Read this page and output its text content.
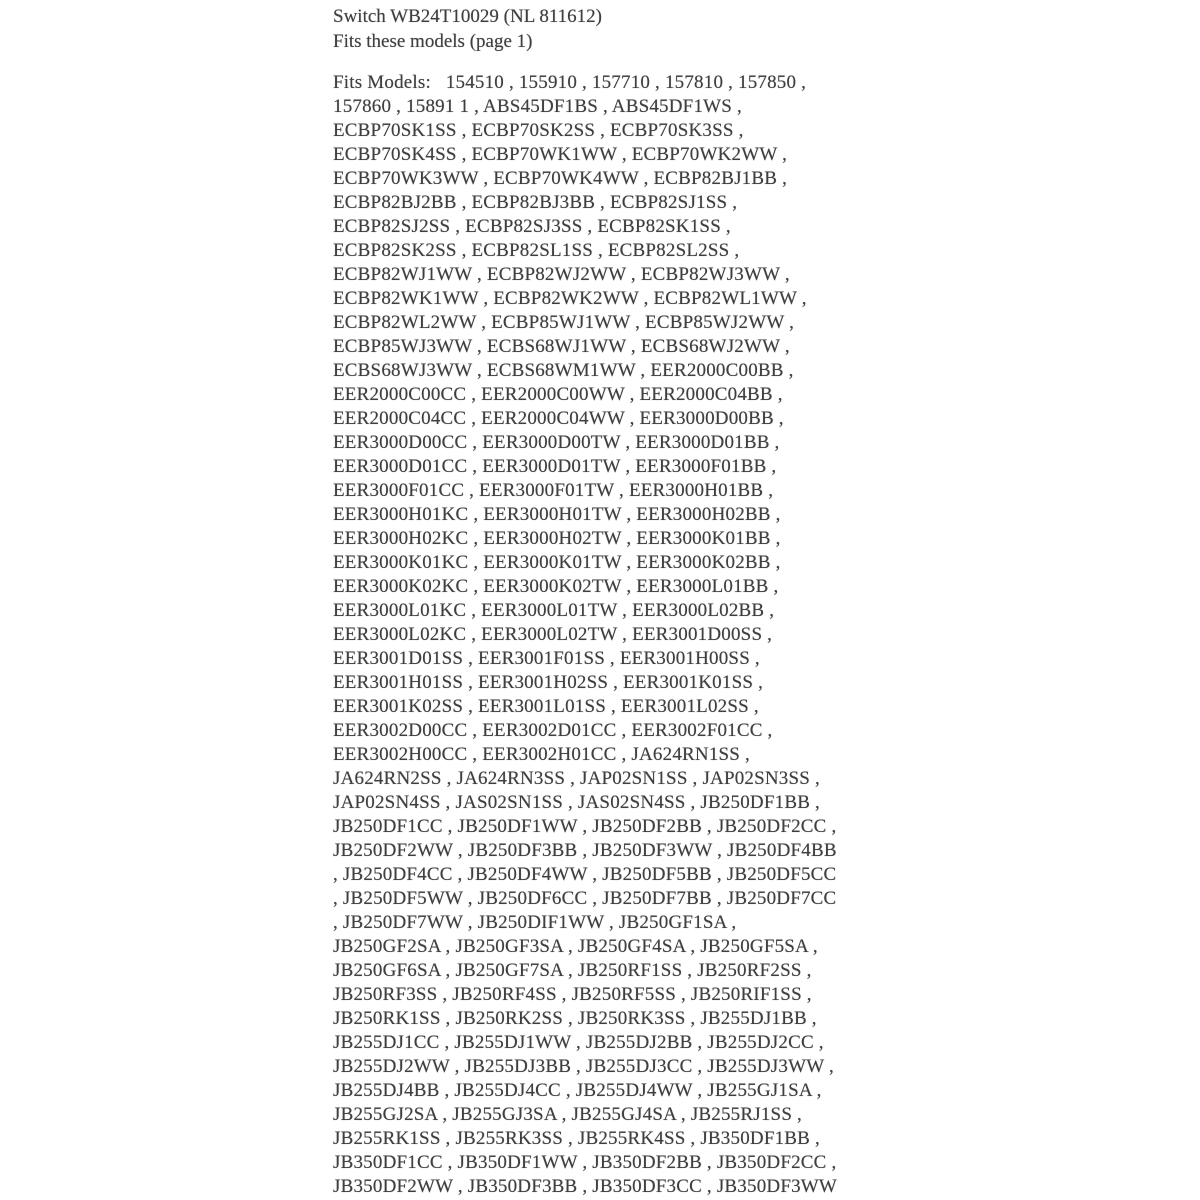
Switch WB24T10029 (NL 811612)
Fits these models (page 1)
Fits Models:   154510 , 155910 , 157710 , 157810 , 157850 ,
157860 , 15891 1 , ABS45DF1BS , ABS45DF1WS ,
ECBP70SK1SS , ECBP70SK2SS , ECBP70SK3SS ,
ECBP70SK4SS , ECBP70WK1WW , ECBP70WK2WW ,
ECBP70WK3WW , ECBP70WK4WW , ECBP82BJ1BB ,
ECBP82BJ2BB , ECBP82BJ3BB , ECBP82SJ1SS ,
ECBP82SJ2SS , ECBP82SJ3SS , ECBP82SK1SS ,
ECBP82SK2SS , ECBP82SL1SS , ECBP82SL2SS ,
ECBP82WJ1WW , ECBP82WJ2WW , ECBP82WJ3WW ,
ECBP82WK1WW , ECBP82WK2WW , ECBP82WL1WW ,
ECBP82WL2WW , ECBP85WJ1WW , ECBP85WJ2WW ,
ECBP85WJ3WW , ECBS68WJ1WW , ECBS68WJ2WW ,
ECBS68WJ3WW , ECBS68WM1WW , EER2000C00BB ,
EER2000C00CC , EER2000C00WW , EER2000C04BB ,
EER2000C04CC , EER2000C04WW , EER3000D00BB ,
EER3000D00CC , EER3000D00TW , EER3000D01BB ,
EER3000D01CC , EER3000D01TW , EER3000F01BB ,
EER3000F01CC , EER3000F01TW , EER3000H01BB ,
EER3000H01KC , EER3000H01TW , EER3000H02BB ,
EER3000H02KC , EER3000H02TW , EER3000K01BB ,
EER3000K01KC , EER3000K01TW , EER3000K02BB ,
EER3000K02KC , EER3000K02TW , EER3000L01BB ,
EER3000L01KC , EER3000L01TW , EER3000L02BB ,
EER3000L02KC , EER3000L02TW , EER3001D00SS ,
EER3001D01SS , EER3001F01SS , EER3001H00SS ,
EER3001H01SS , EER3001H02SS , EER3001K01SS ,
EER3001K02SS , EER3001L01SS , EER3001L02SS ,
EER3002D00CC , EER3002D01CC , EER3002F01CC ,
EER3002H00CC , EER3002H01CC , JA624RN1SS ,
JA624RN2SS , JA624RN3SS , JAP02SN1SS , JAP02SN3SS ,
JAP02SN4SS , JAS02SN1SS , JAS02SN4SS , JB250DF1BB ,
JB250DF1CC , JB250DF1WW , JB250DF2BB , JB250DF2CC ,
JB250DF2WW , JB250DF3BB , JB250DF3WW , JB250DF4BB
, JB250DF4CC , JB250DF4WW , JB250DF5BB , JB250DF5CC
, JB250DF5WW , JB250DF6CC , JB250DF7BB , JB250DF7CC
, JB250DF7WW , JB250DIF1WW , JB250GF1SA ,
JB250GF2SA , JB250GF3SA , JB250GF4SA , JB250GF5SA ,
JB250GF6SA , JB250GF7SA , JB250RF1SS , JB250RF2SS ,
JB250RF3SS , JB250RF4SS , JB250RF5SS , JB250RIF1SS ,
JB250RK1SS , JB250RK2SS , JB250RK3SS , JB255DJ1BB ,
JB255DJ1CC , JB255DJ1WW , JB255DJ2BB , JB255DJ2CC ,
JB255DJ2WW , JB255DJ3BB , JB255DJ3CC , JB255DJ3WW ,
JB255DJ4BB , JB255DJ4CC , JB255DJ4WW , JB255GJ1SA ,
JB255GJ2SA , JB255GJ3SA , JB255GJ4SA , JB255RJ1SS ,
JB255RK1SS , JB255RK3SS , JB255RK4SS , JB350DF1BB ,
JB350DF1CC , JB350DF1WW , JB350DF2BB , JB350DF2CC ,
JB350DF2WW , JB350DF3BB , JB350DF3CC , JB350DF3WW
